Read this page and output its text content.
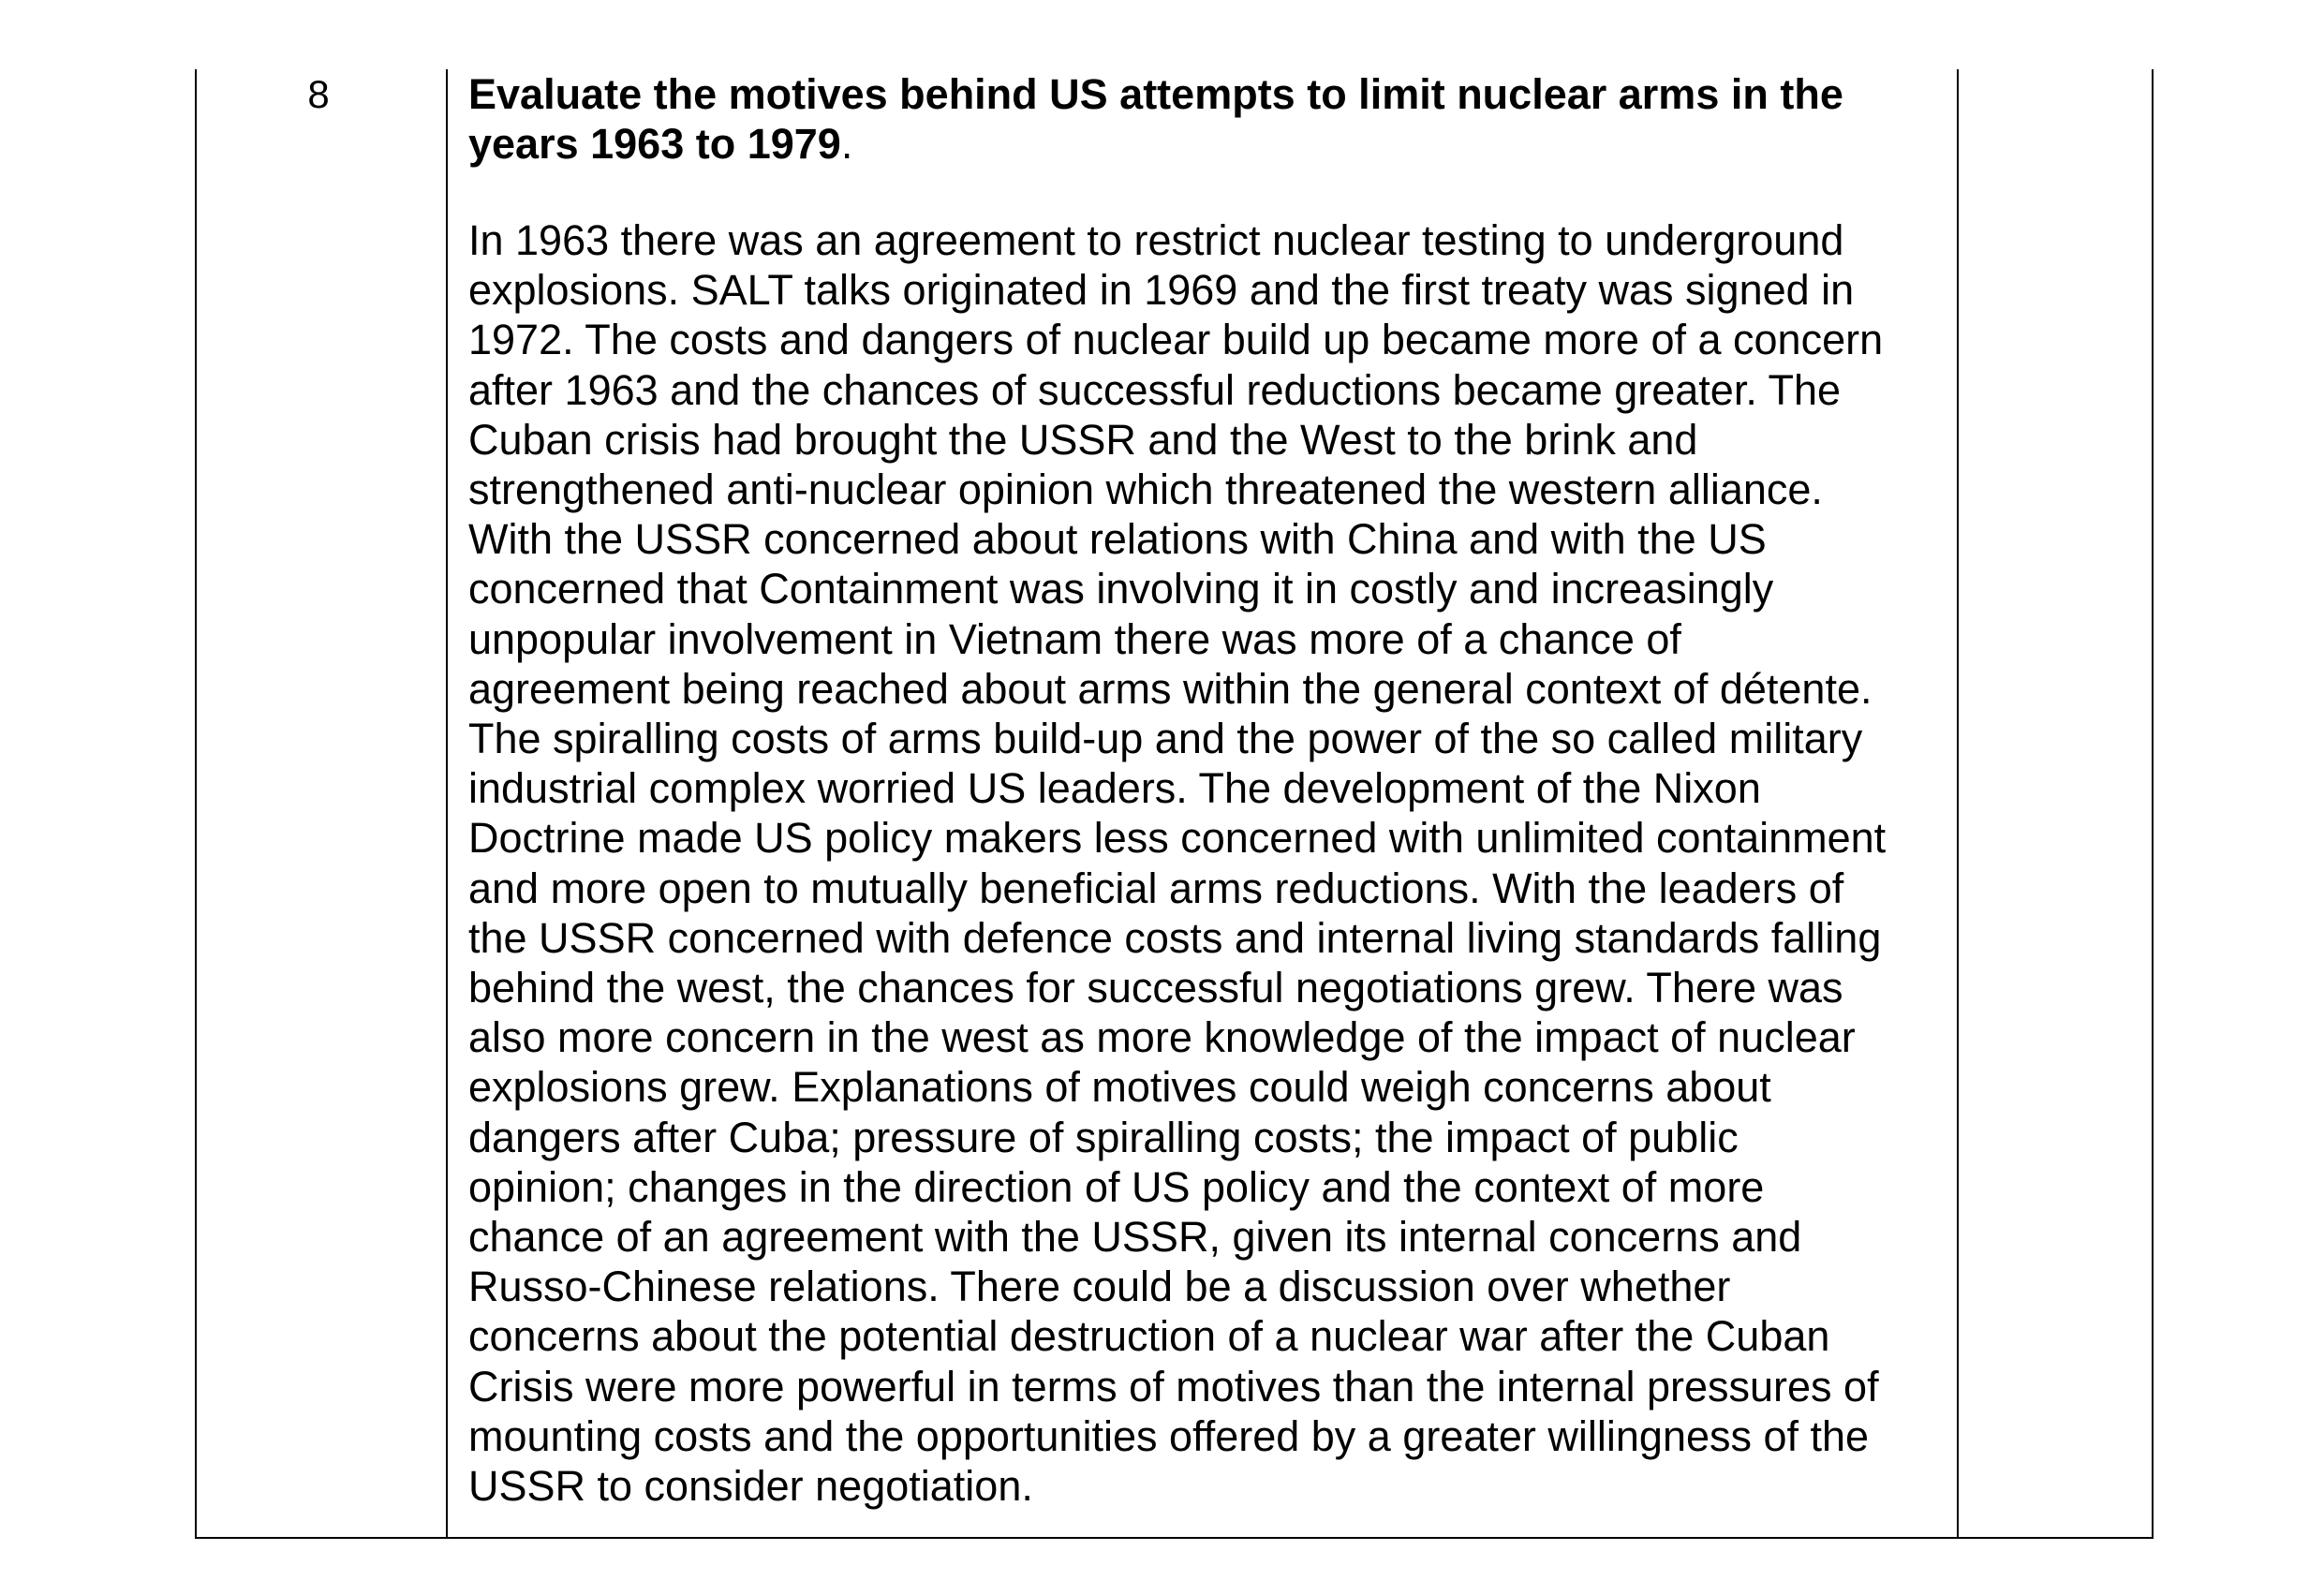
8	Evaluate the motives behind US attempts to limit nuclear arms in the years 1963 to 1979.

In 1963 there was an agreement to restrict nuclear testing to underground
explosions. SALT talks originated in 1969 and the first treaty was signed in
1972. The costs and dangers of nuclear build up became more of a concern
after 1963 and the chances of successful reductions became greater. The
Cuban crisis had brought the USSR and the West to the brink and
strengthened anti-nuclear opinion which threatened the western alliance.
With the USSR concerned about relations with China and with the US
concerned that Containment was involving it in costly and increasingly
unpopular involvement in Vietnam there was more of a chance of
agreement being reached about arms within the general context of détente.
The spiralling costs of arms build-up and the power of the so called military
industrial complex worried US leaders. The development of the Nixon
Doctrine made US policy makers less concerned with unlimited containment
and more open to mutually beneficial arms reductions. With the leaders of
the USSR concerned with defence costs and internal living standards falling
behind the west, the chances for successful negotiations grew. There was
also more concern in the west as more knowledge of the impact of nuclear
explosions grew. Explanations of motives could weigh concerns about
dangers after Cuba; pressure of spiralling costs; the impact of public
opinion; changes in the direction of US policy and the context of more
chance of an agreement with the USSR, given its internal concerns and
Russo-Chinese relations. There could be a discussion over whether
concerns about the potential destruction of a nuclear war after the Cuban
Crisis were more powerful in terms of motives than the internal pressures of
mounting costs and the opportunities offered by a greater willingness of the
USSR to consider negotiation.
